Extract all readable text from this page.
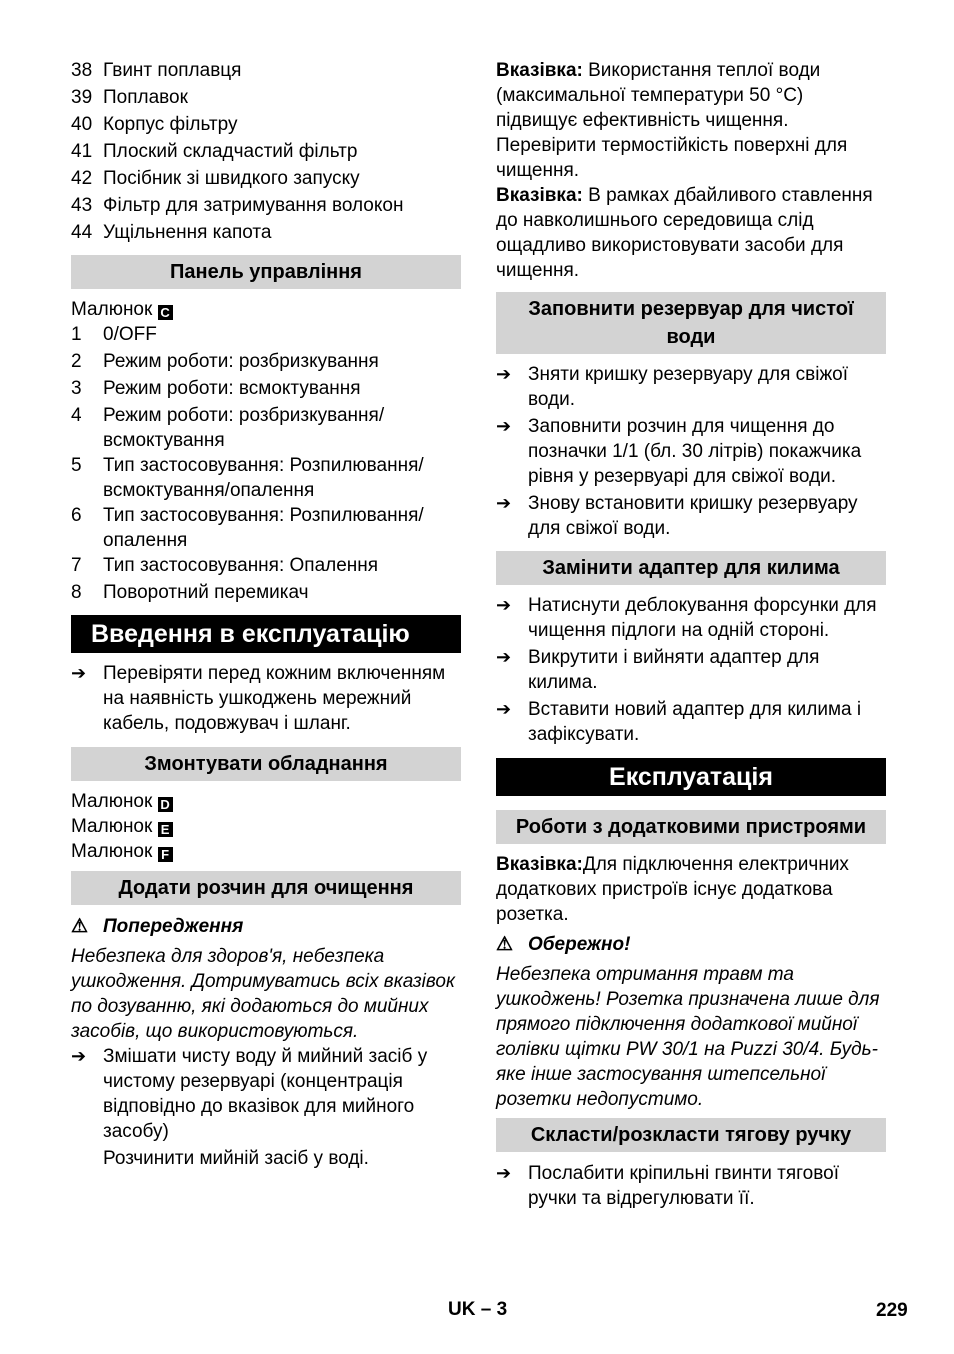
38 Гвинт поплавця
39 Поплавок
40 Корпус фільтру
41 Плоский складчастий фільтр
42 Посібник зі швидкого запуску
43 Фільтр для затримування волокон
44 Ущільнення капота
Панель управління
Малюнок C
1	0/OFF
2	Режим роботи: розбризкування
3	Режим роботи: всмоктування
4	Режим роботи: розбризкування/ всмоктування
5	Тип застосовування: Розпилювання/ всмоктування/опалення
6	Тип застосовування: Розпилювання/ опалення
7	Тип застосовування: Опалення
8	Поворотний перемикач
Введення в експлуатацію
➔ Перевіряти перед кожним включенням на наявність ушкоджень мережний кабель, подовжувач і шланг.
Змонтувати обладнання
Малюнок D
Малюнок E
Малюнок F
Додати розчин для очищення
⚠ Попередження
Небезпека для здоров'я, небезпека ушкодження. Дотримуватись всіх вказівок по дозуванню, які додаються до мийних засобів, що використовуються.
➔ Змішати чисту воду й мийний засіб у чистому резервуарі (концентрація відповідно до вказівок для мийного засобу)
Розчинити мийній засіб у воді.
Вказівка: Використання теплої води (максимальної температури 50 °C) підвищує ефективність чищення. Перевірити термостійкість поверхні для чищення.
Вказівка: В рамках дбайливого ставлення до навколишнього середовища слід ощадливо використовувати засоби для чищення.
Заповнити резервуар для чистої води
➔ Зняти кришку резервуару для свіжої води.
➔ Заповнити розчин для чищення до позначки 1/1 (бл. 30 літрів) покажчика рівня у резервуарі для свіжої води.
➔ Знову встановити кришку резервуару для свіжої води.
Замінити адаптер для килима
➔ Натиснути деблокування форсунки для чищення підлоги на одній стороні.
➔ Викрутити і вийняти адаптер для килима.
➔ Вставити новий адаптер для килима і зафіксувати.
Експлуатація
Роботи з додатковими пристроями
Вказівка:Для підключення електричних додаткових пристроїв існує додаткова розетка.
⚠ Обережно!
Небезпека отримання травм та ушкоджень! Розетка призначена лише для прямого підключення додаткової мийної голівки щітки PW 30/1 на Puzzi 30/4. Будь-яке інше застосування штепсельної розетки недопустимо.
Скласти/розкласти тягову ручку
➔ Послабити кріпильні гвинти тягової ручки та відрегулювати її.
UK – 3	229
